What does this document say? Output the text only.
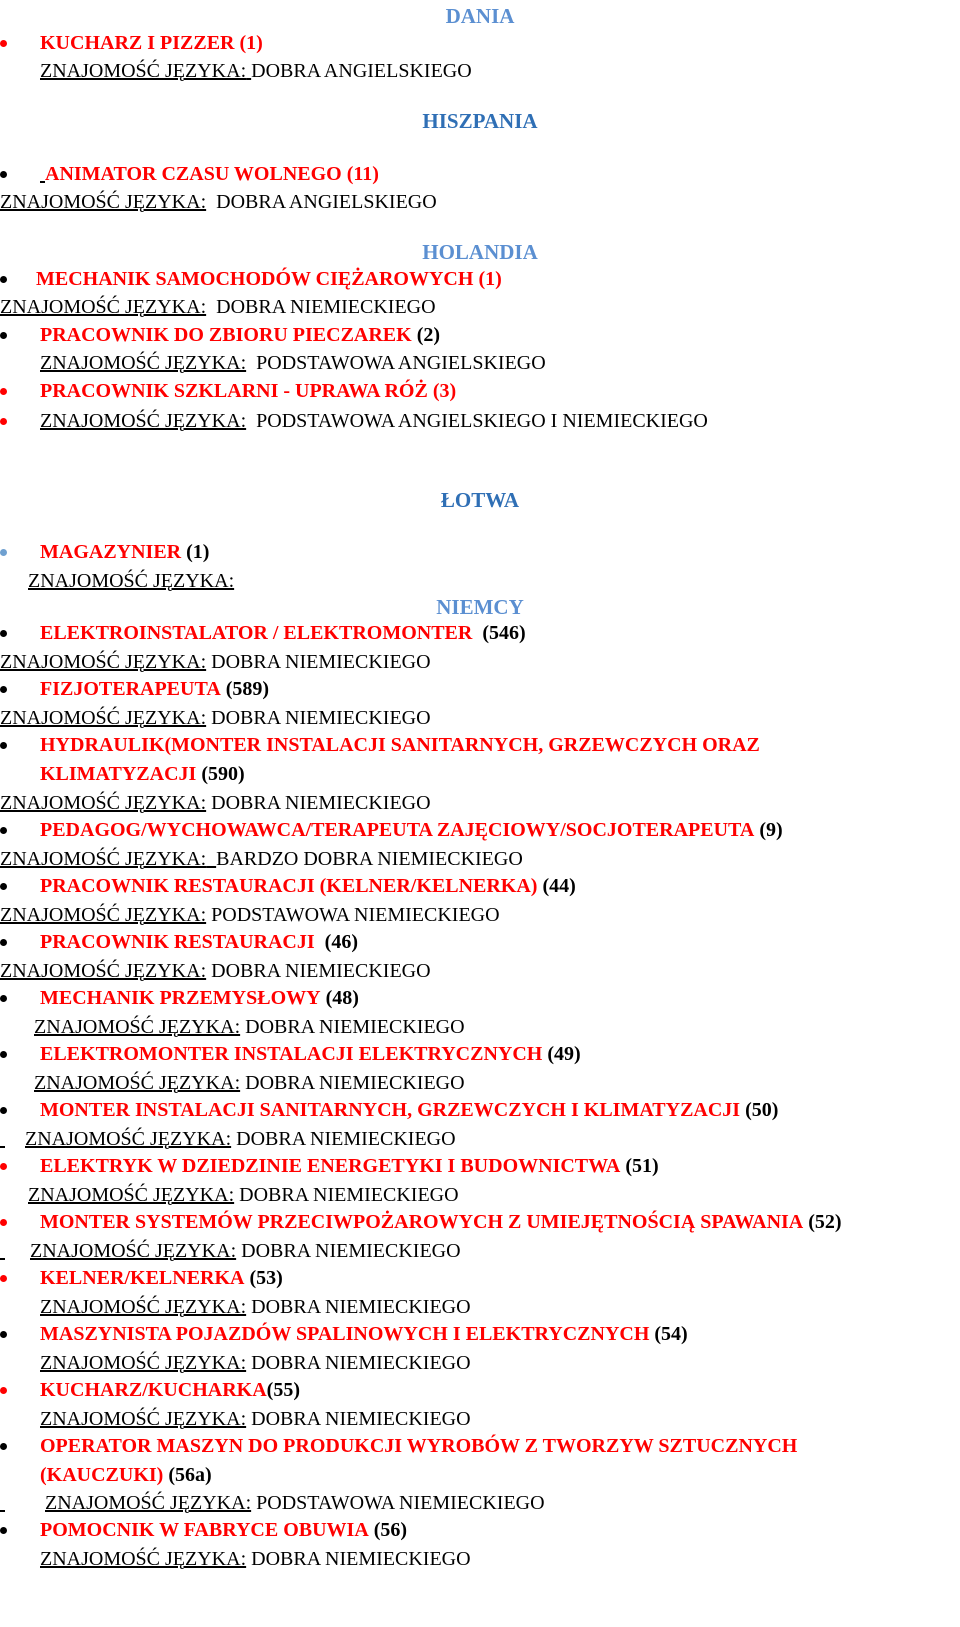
DANIA
KUCHARZ I PIZZER (1)
ZNAJOMOŚĆ JĘZYKA: DOBRA ANGIELSKIEGO
HISZPANIA
ANIMATOR CZASU WOLNEGO (11)
ZNAJOMOŚĆ JĘZYKA: DOBRA ANGIELSKIEGO
HOLANDIA
MECHANIK SAMOCHODÓW CIĘŻAROWYCH (1)
ZNAJOMOŚĆ JĘZYKA: DOBRA NIEMIECKIEGO
PRACOWNIK DO ZBIORU PIECZAREK (2)
ZNAJOMOŚĆ JĘZYKA: PODSTAWOWA ANGIELSKIEGO
PRACOWNIK SZKLARNI - UPRAWA RÓŻ (3)
ZNAJOMOŚĆ JĘZYKA: PODSTAWOWA ANGIELSKIEGO I NIEMIECKIEGO
ŁOTWA
MAGAZYNIER (1)
ZNAJOMOŚĆ JĘZYKA:
NIEMCY
ELEKTROINSTALATOR / ELEKTROMONTER (546)
ZNAJOMOŚĆ JĘZYKA: DOBRA NIEMIECKIEGO
FIZJOTERAPEUTA (589)
ZNAJOMOŚĆ JĘZYKA: DOBRA NIEMIECKIEGO
HYDRAULIK(MONTER INSTALACJI SANITARNYCH, GRZEWCZYCH ORAZ
KLIMATYZACJI (590)
ZNAJOMOŚĆ JĘZYKA: DOBRA NIEMIECKIEGO
PEDAGOG/WYCHOWAWCA/TERAPEUTA ZAJĘCIOWY/SOCJOTERAPEUTA (9)
ZNAJOMOŚĆ JĘZYKA: BARDZO DOBRA NIEMIECKIEGO
PRACOWNIK RESTAURACJI (KELNER/KELNERKA) (44)
ZNAJOMOŚĆ JĘZYKA: PODSTAWOWA NIEMIECKIEGO
PRACOWNIK RESTAURACJI (46)
ZNAJOMOŚĆ JĘZYKA: DOBRA NIEMIECKIEGO
MECHANIK PRZEMYSŁOWY (48)
ZNAJOMOŚĆ JĘZYKA: DOBRA NIEMIECKIEGO
ELEKTROMONTER INSTALACJI ELEKTRYCZNYCH (49)
ZNAJOMOŚĆ JĘZYKA: DOBRA NIEMIECKIEGO
MONTER INSTALACJI SANITARNYCH, GRZEWCZYCH I KLIMATYZACJI (50)
ZNAJOMOŚĆ JĘZYKA: DOBRA NIEMIECKIEGO
ELEKTRYK W DZIEDZINIE ENERGETYKI I BUDOWNICTWA (51)
ZNAJOMOŚĆ JĘZYKA: DOBRA NIEMIECKIEGO
MONTER SYSTEMÓW PRZECIWPOŻAROWYCH Z UMIEJĘTNOŚCIĄ SPAWANIA (52)
ZNAJOMOŚĆ JĘZYKA: DOBRA NIEMIECKIEGO
KELNER/KELNERKA (53)
ZNAJOMOŚĆ JĘZYKA: DOBRA NIEMIECKIEGO
MASZYNISTA POJAZDÓW SPALINOWYCH I ELEKTRYCZNYCH (54)
ZNAJOMOŚĆ JĘZYKA: DOBRA NIEMIECKIEGO
KUCHARZ/KUCHARKA(55)
ZNAJOMOŚĆ JĘZYKA: DOBRA NIEMIECKIEGO
OPERATOR MASZYN DO PRODUKCJI WYROBÓW Z TWORZYW SZTUCZNYCH
(KAUCZUKI) (56a)
ZNAJOMOŚĆ JĘZYKA: PODSTAWOWA NIEMIECKIEGO
POMOCNIK W FABRYCE OBUWIA (56)
ZNAJOMOŚĆ JĘZYKA: DOBRA NIEMIECKIEGO
